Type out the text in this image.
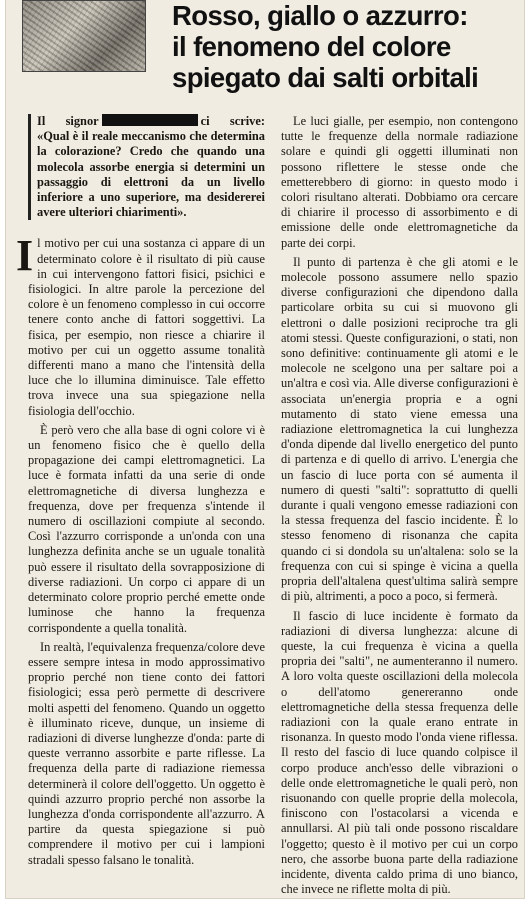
Rosso, giallo o azzurro:
il fenomeno del colore
spiegato dai salti orbitali
Il signor	ci scrive: «Qual è il reale meccanismo che determina la colorazione? Credo che quando una molecola assorbe energia si determini un passaggio di elettroni da un livello inferiore a uno superiore, ma desidererei avere ulteriori chiarimenti».

Il motivo per cui una sostanza ci appare di un determinato colore è il risultato di più cause in cui intervengono fattori fisici, psichici e fisiologici. In altre parole la percezione del colore è un fenomeno complesso in cui occorre tenere conto anche di fattori soggettivi. La fisica, per esempio, non riesce a chiarire il motivo per cui un oggetto assume tonalità differenti mano a mano che l'intensità della luce che lo illumina diminuisce. Tale effetto trova invece una sua spiegazione nella fisiologia dell'occhio.

È però vero che alla base di ogni colore vi è un fenomeno fisico che è quello della propagazione dei campi elettromagnetici. La luce è formata infatti da una serie di onde elettromagnetiche di diversa lunghezza e frequenza, dove per frequenza s'intende il numero di oscillazioni compiute al secondo. Così l'azzurro corrisponde a un'onda con una lunghezza definita anche se un uguale tonalità può essere il risultato della sovrapposizione di diverse radiazioni. Un corpo ci appare di un determinato colore proprio perché emette onde luminose che hanno la frequenza corrispondente a quella tonalità.

In realtà, l'equivalenza frequenza/colore deve essere sempre intesa in modo approssimativo proprio perché non tiene conto dei fattori fisiologici; essa però permette di descrivere molti aspetti del fenomeno. Quando un oggetto è illuminato riceve, dunque, un insieme di radiazioni di diverse lunghezze d'onda: parte di queste verranno assorbite e parte riflesse. La frequenza della parte di radiazione riemessa determinerà il colore dell'oggetto. Un oggetto è quindi azzurro proprio perché non assorbe la lunghezza d'onda corrispondente all'azzurro. A partire da questa spiegazione si può comprendere il motivo per cui i lampioni stradali spesso falsano le tonalità.

Le luci gialle, per esempio, non contengono tutte le frequenze della normale radiazione solare e quindi gli oggetti illuminati non possono riflettere le stesse onde che emetterebbero di giorno: in questo modo i colori risultano alterati. Dobbiamo ora cercare di chiarire il processo di assorbimento e di emissione delle onde elettromagnetiche da parte dei corpi.

Il punto di partenza è che gli atomi e le molecole possono assumere nello spazio diverse configurazioni che dipendono dalla particolare orbita su cui si muovono gli elettroni o dalle posizioni reciproche tra gli atomi stessi. Queste configurazioni, o stati, non sono definitive: continuamente gli atomi e le molecole ne scelgono una per saltare poi a un'altra e così via. Alle diverse configurazioni è associata un'energia propria e a ogni mutamento di stato viene emessa una radiazione elettromagnetica la cui lunghezza d'onda dipende dal livello energetico del punto di partenza e di quello di arrivo. L'energia che un fascio di luce porta con sé aumenta il numero di questi "salti": soprattutto di quelli durante i quali vengono emesse radiazioni con la stessa frequenza del fascio incidente. È lo stesso fenomeno di risonanza che capita quando ci si dondola su un'altalena: solo se la frequenza con cui si spinge è vicina a quella propria dell'altalena quest'ultima salirà sempre di più, altrimenti, a poco a poco, si fermerà.

Il fascio di luce incidente è formato da radiazioni di diversa lunghezza: alcune di queste, la cui frequenza è vicina a quella propria dei "salti", ne aumenteranno il numero. A loro volta queste oscillazioni della molecola o dell'atomo genereranno onde elettromagnetiche della stessa frequenza delle radiazioni con la quale erano entrate in risonanza. In questo modo l'onda viene riflessa. Il resto del fascio di luce quando colpisce il corpo produce anch'esso delle vibrazioni o delle onde elettromagnetiche le quali però, non risuonando con quelle proprie della molecola, finiscono con l'ostacolarsi a vicenda e annullarsi. Al più tali onde possono riscaldare l'oggetto; questo è il motivo per cui un corpo nero, che assorbe buona parte della radiazione incidente, diventa caldo prima di uno bianco, che invece ne riflette molta di più.
